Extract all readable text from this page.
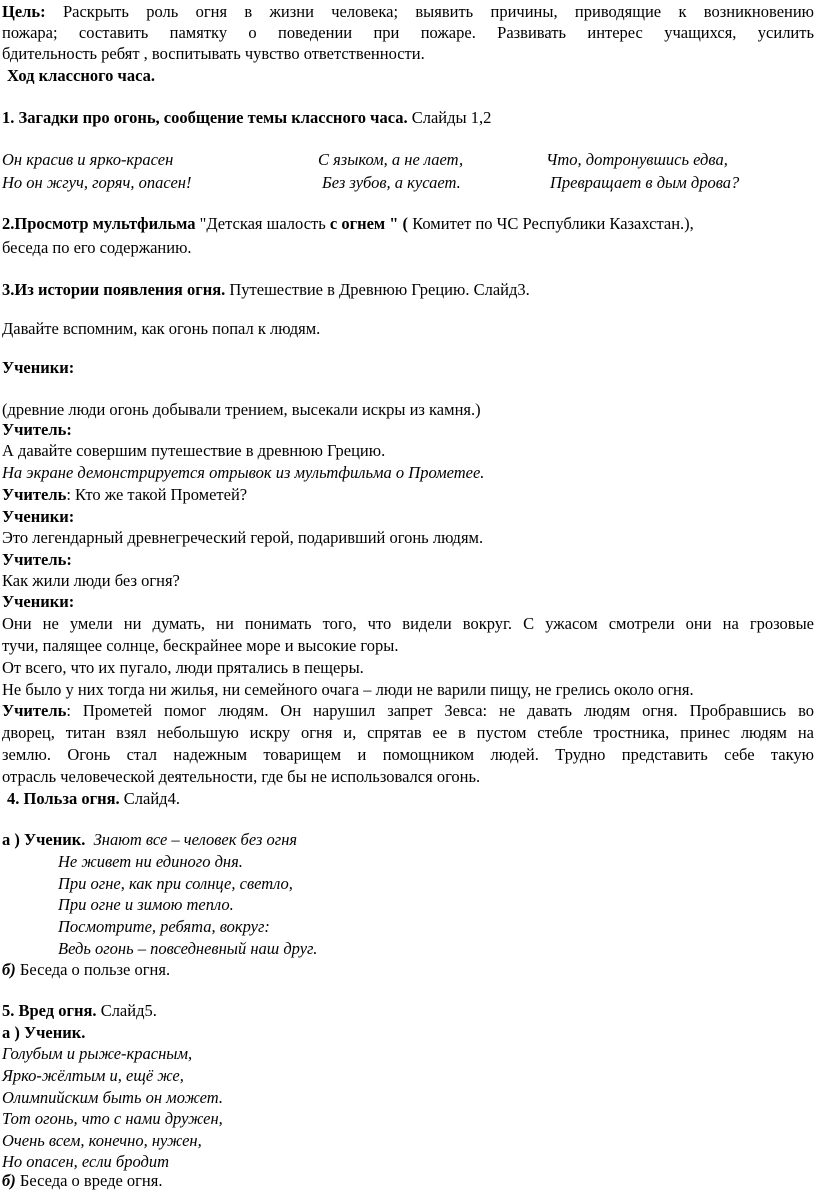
Цель: Раскрыть роль огня в жизни человека; выявить причины, приводящие к возникновению
пожара; составить памятку о поведении при пожаре. Развивать интерес учащихся, усилить
бдительность ребят , воспитывать чувство ответственности.
Ход классного часа.
1. Загадки про огонь, сообщение темы классного часа. Слайды 1,2
Он красив и ярко-красен
Но он жгуч, горяч, опасен!
С языком, а не лает,
Без зубов, а кусает.
Что, дотронувшись едва,
Превращает в дым дрова?
2.Просмотр мультфильма "Детская шалость с огнем " ( Комитет по ЧС Республики Казахстан.),
беседа по его содержанию.
3.Из истории появления огня. Путешествие в Древнюю Грецию. Слайд3.
Давайте вспомним, как огонь попал к людям.
Ученики:
(древние люди огонь добывали трением, высекали искры из камня.)
Учитель:
А давайте совершим путешествие в древнюю Грецию.
На экране демонстрируется отрывок из мультфильма о Прометее.
Учитель: Кто же такой Прометей?
Ученики:
Это легендарный древнегреческий герой, подаривший огонь людям.
Учитель:
Как жили люди без огня?
Ученики:
Они не умели ни думать, ни понимать того, что видели вокруг. С ужасом смотрели они на грозовые
тучи, палящее солнце, бескрайнее море и высокие горы.
От всего, что их пугало, люди прятались в пещеры.
Не было у них тогда ни жилья, ни семейного очага – люди не варили пищу, не грелись около огня.
Учитель: Прометей помог людям. Он нарушил запрет Зевса: не давать людям огня. Пробравшись во
дворец, титан взял небольшую искру огня и, спрятав ее в пустом стебле тростника, принес людям на
землю. Огонь стал надежным товарищем и помощником людей. Трудно представить себе такую
отрасль человеческой деятельности, где бы не использовался огонь.
4. Польза огня. Слайд4.
а ) Ученик. Знают все – человек без огня
Не живет ни единого дня.
При огне, как при солнце, светло,
При огне и зимою тепло.
Посмотрите, ребята, вокруг:
Ведь огонь – повседневный наш друг.
б) Беседа о пользе огня.
5. Вред огня. Слайд5.
а ) Ученик.
Голубым и рыже-красным,
Ярко-жёлтым и, ещё же,
Олимпийским быть он может.
Тот огонь, что с нами дружен,
Очень всем, конечно, нужен,
Но опасен, если бродит
б) Беседа о вреде огня.
